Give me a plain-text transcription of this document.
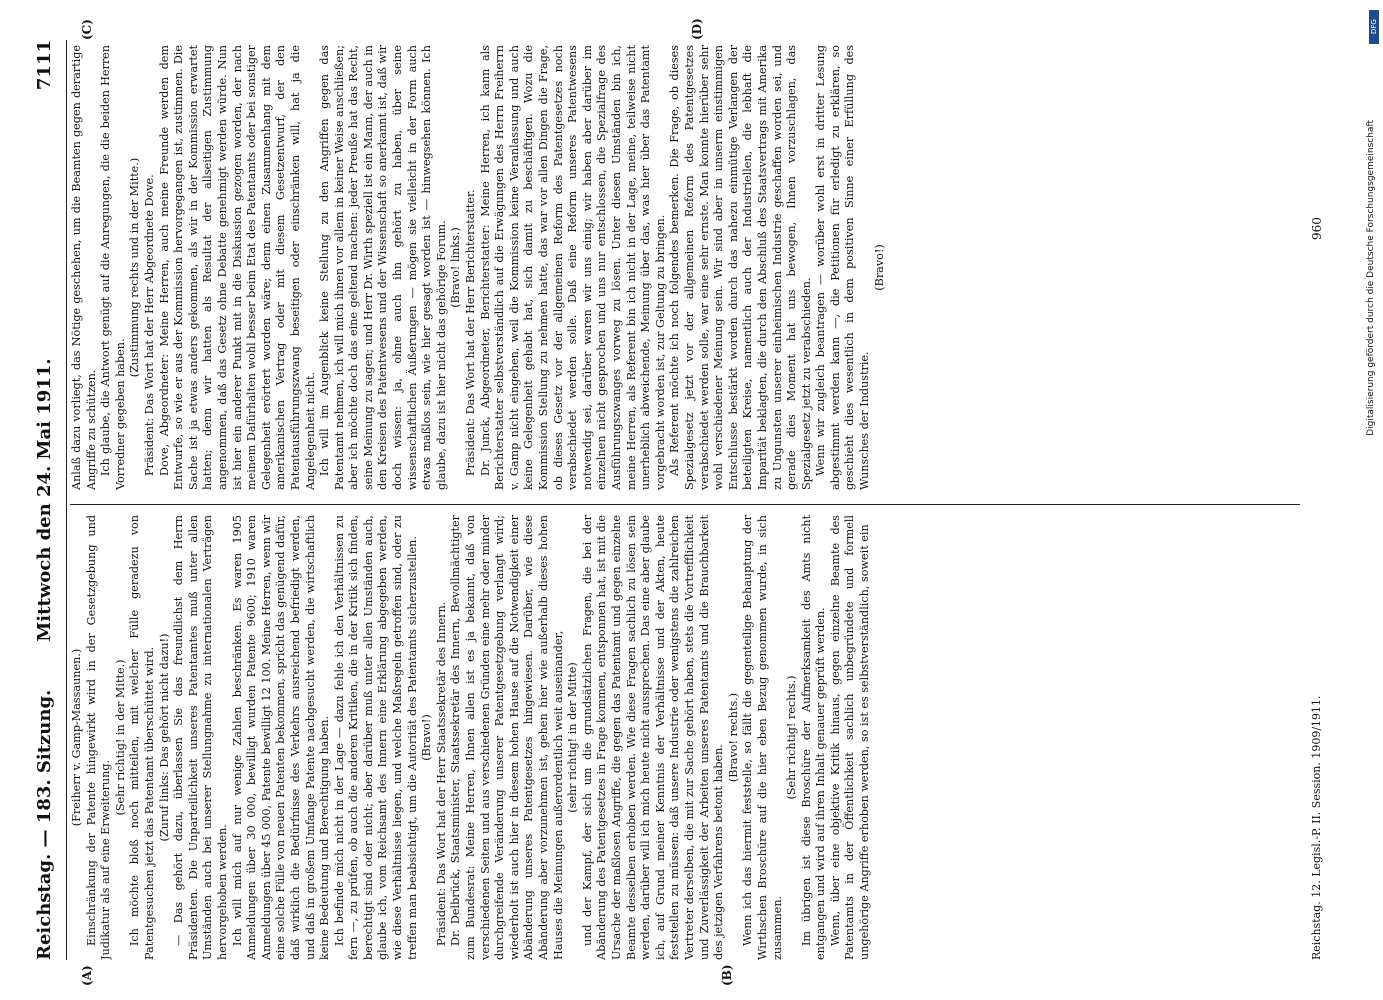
Reichstag. — 183. Sitzung.
Mittwoch den 24. Mai 1911.
7111
(A)	(B)
(C)	(D)

(Freiherr v. Gamp-Massaunen.) Einschränkung der Patente hingewirkt wird in der Gesetzgebung und Judikatur als auf eine Erweiterung.

(Sehr richtig! in der Mitte.) Ich möchte bloß noch mitteilen, mit welcher Fülle geradezu von Patentgesuchen jetzt das Patentamt überschüttet wird. (Zuruf links: Das gehört nicht dazu!) — Das gehört dazu, überlassen Sie das freundlichst dem Herrn Präsidenten. Die Unparteilichkeit unseres Patentamtes muß unter allen Umständen auch bei unserer Stellungnahme zu internationalen Verträgen hervorgehoben werden. Ich will mich auf nur wenige Zahlen beschränken. Es waren 1905 Anmeldungen über 30 000, bewilligt wurden Patente 9600; 1910 waren Anmeldungen über 45 000, Patente bewilligt 12 100. Meine Herren, wenn wir eine solche Fülle von neuen Patenten bekommen, spricht das genügend dafür, daß wirklich die Bedürfnisse des Verkehrs ausreichend befriedigt werden, und daß in großem Umfange Patente nachgesucht werden, die wirtschaftlich keine Bedeutung und Berechtigung haben. Ich befinde mich nicht in der Lage — dazu fehle ich den Verhältnissen zu fern —, zu prüfen, ob auch die anderen Kritiken, die in der Kritik sich finden, berechtigt sind oder nicht; aber darüber muß unter allen Umständen auch, glaube ich, vom Reichsamt des Innern eine Erklärung abgegeben werden, wie diese Verhältnisse liegen, und welche Maßregeln getroffen sind, oder zu treffen man beabsichtigt, um die Autorität des Patentamts sicherzustellen. (Bravo!) Präsident: Das Wort hat der Herr Staatssekretär des Innern. Dr. Delbrück, Staatsminister, Staatssekretär des Innern, Bevollmächtigter zum Bundesrat: Meine Herren, Ihnen allen ist es ja bekannt, daß von verschiedenen Seiten und aus verschiedenen Gründen eine mehr oder minder durchgreifende Veränderung unserer Patentgesetzgebung verlangt wird; wiederholt ist auch hier in diesem hohen Hause auf die Notwendigkeit einer Abänderung unseres Patentgesetzes hingewiesen. Darüber, wie diese Abänderung aber vorzunehmen ist, gehen hier wie außerhalb dieses hohen Hauses die Meinungen außerordentlich weit auseinander, (sehr richtig! in der Mitte) und der Kampf, der sich um die grundsätzlichen Fragen, die bei der Abänderung des Patentgesetzes in Frage kommen, entsponnen hat, ist mit die Ursache der maßlosen Angriffe, die gegen das Patentamt und gegen einzelne Beamte desselben erhoben werden. Wie diese Fragen sachlich zu lösen sein werden, darüber will ich mich heute nicht aussprechen. Das eine aber glaube ich, auf Grund meiner Kenntnis der Verhältnisse und der Akten, heute feststellen zu müssen: daß unsere Industrie oder wenigstens die zahlreichen Vertreter derselben, die mit zur Sache gehört haben, stets die Vortrefflichkeit und Zuverlässigkeit der Arbeiten unseres Patentamts und die Brauchbarkeit des jetzigen Verfahrens betont haben.

(Bravo! rechts.) Wenn ich das hiermit feststelle, so fällt die gegenteilige Behauptung der Wirthschen Broschüre auf die hier eben Bezug genommen wurde, in sich zusammen.

(Sehr richtig! rechts.) Im übrigen ist diese Broschüre der Aufmerksamkeit des Amts nicht entgangen und wird auf ihren Inhalt genauer geprüft werden. Wenn, über eine objektive Kritik hinaus, gegen einzelne Beamte des Patentamts in der Öffentlichkeit sachlich unbegründete und formell ungehörige Angriffe erhoben werden, so ist es selbstverständlich, soweit ein

Anlaß dazu vorliegt, das Nötige geschehen, um die Beamten gegen derartige Angriffe zu schützen. Ich glaube, die Antwort genügt auf die Anregungen, die die beiden Herren Vorredner gegeben haben.

(Zustimmung rechts und in der Mitte.) Präsident: Das Wort hat der Herr Abgeordnete Dove. Dove, Abgeordneter: Meine Herren, auch meine Freunde werden dem Entwurfe, so wie er aus der Kommission hervorgegangen ist, zustimmen. Die Sache ist ja etwas anders gekommen, als wir in der Kommission erwartet hatten; denn wir hatten als Resultat der allseitigen Zustimmung angenommen, daß das Gesetz ohne Debatte genehmigt werden würde. Nun ist hier ein anderer Punkt mit in die Diskussion gezogen worden, der nach meinem Dafürhalten wohl besser beim Etat des Patentamts oder bei sonstiger Gelegenheit erörtert worden wäre; denn einen Zusammenhang mit dem amerikanischen Vertrag oder mit diesem Gesetzentwurf, der den Patentausführungszwang beseitigen oder einschränken will, hat ja die Angelegenheit nicht. Ich will im Augenblick keine Stellung zu den Angriffen gegen das Patentamt nehmen, ich will mich ihnen vor allem in keiner Weise anschließen; aber ich möchte doch das eine geltend machen: jeder Preuße hat das Recht, seine Meinung zu sagen; und Herr Dr. Wirth speziell ist ein Mann, der auch in den Kreisen des Patentwesens und der Wissenschaft so anerkannt ist, daß wir doch wissen: ja, ohne auch ihn gehört zu haben, über seine wissenschaftlichen Äußerungen — mögen sie vielleicht in der Form auch etwas maßlos sein, wie hier gesagt worden ist — hinwegsehen können. Ich glaube, dazu ist hier nicht das gehörige Forum. (Bravo! links.) Präsident: Das Wort hat der Herr Berichterstatter. Dr. Junck, Abgeordneter, Berichterstatter: Meine Herren, ich kann als Berichterstatter selbstverständlich auf die Erwägungen des Herrn Freiherrn v. Gamp nicht eingehen, weil die Kommission keine Veranlassung und auch keine Gelegenheit gehabt hat, sich damit zu beschäftigen. Wozu die Kommission Stellung zu nehmen hatte, das war vor allen Dingen die Frage, ob dieses Gesetz vor der allgemeinen Reform des Patentgesetzes noch verabschiedet werden solle. Daß eine Reform unseres Patentwesens notwendig sei, darüber waren wir uns einig; wir haben aber darüber im einzelnen nicht gesprochen und uns nur entschlossen, die Spezialfrage des Ausführungszwanges vorweg zu lösen. Unter diesen Umständen bin ich, meine Herren, als Referent bin ich nicht in der Lage, meine, teilweise nicht unerheblich abweichende, Meinung über das, was hier über das Patentamt vorgebracht worden ist, zur Geltung zu bringen. Als Referent möchte ich noch folgendes bemerken. Die Frage, ob dieses Spezialgesetz jetzt vor der allgemeinen Reform des Patentgesetzes verabschiedet werden solle, war eine sehr ernste. Man konnte hierüber sehr wohl verschiedener Meinung sein. Wir sind aber in unserm einstimmigen Entschlusse bestärkt worden durch das nahezu einmütige Verlangen der beteiligten Kreise, namentlich auch der Industriellen, die lebhaft die Imparität beklagten, die durch den Abschluß des Staatsvertrags mit Amerika zu Ungunsten unserer einheimischen Industrie geschaffen worden sei, und gerade dies Moment hat uns bewogen, Ihnen vorzuschlagen, das Spezialgesetz jetzt zu verabschieden. Wenn wir zugleich beantragen — worüber wohl erst in dritter Lesung abgestimmt werden kann —, die Petitionen für erledigt zu erklären, so geschieht dies wesentlich in dem positiven Sinne einer Erfüllung des Wunsches der Industrie.

(Bravo!)

Reichstag. 12. Legisl.-P. II. Session. 1909/1911.
960	Digitalisierung gefördert durch die Deutsche Forschungsgemeinschaft
DFG
